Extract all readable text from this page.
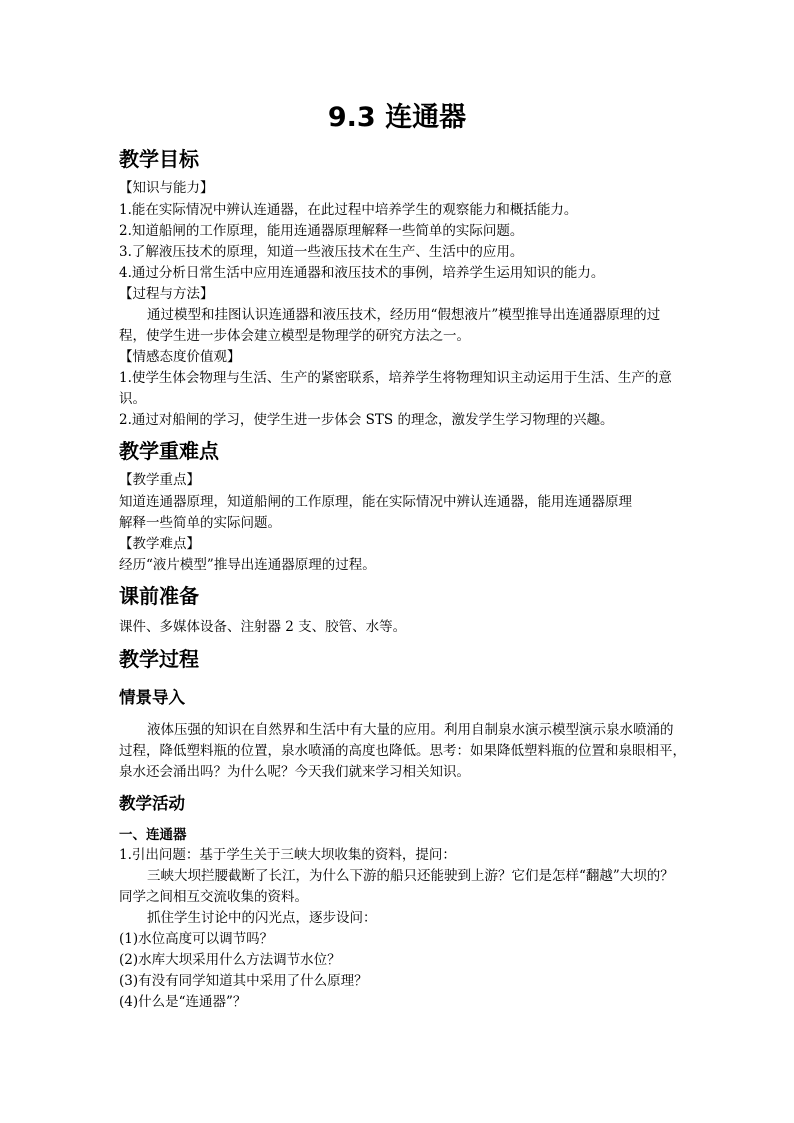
9.3 连通器
教学目标
【知识与能力】
1.能在实际情况中辨认连通器，在此过程中培养学生的观察能力和概括能力。
2.知道船闸的工作原理，能用连通器原理解释一些简单的实际问题。
3.了解液压技术的原理，知道一些液压技术在生产、生活中的应用。
4.通过分析日常生活中应用连通器和液压技术的事例，培养学生运用知识的能力。
【过程与方法】
通过模型和挂图认识连通器和液压技术，经历用“假想液片”模型推导出连通器原理的过
程，使学生进一步体会建立模型是物理学的研究方法之一。
【情感态度价值观】
1.使学生体会物理与生活、生产的紧密联系，培养学生将物理知识主动运用于生活、生产的意
识。
2.通过对船闸的学习，使学生进一步体会 STS 的理念，激发学生学习物理的兴趣。
教学重难点
【教学重点】
知道连通器原理，知道船闸的工作原理，能在实际情况中辨认连通器，能用连通器原理
解释一些简单的实际问题。
【教学难点】
经历“液片模型”推导出连通器原理的过程。
课前准备
课件、多媒体设备、注射器 2 支、胶管、水等。
教学过程
情景导入
液体压强的知识在自然界和生活中有大量的应用。利用自制泉水演示模型演示泉水喷涌的
过程，降低塑料瓶的位置，泉水喷涌的高度也降低。思考：如果降低塑料瓶的位置和泉眼相平，
泉水还会涌出吗？为什么呢？今天我们就来学习相关知识。
教学活动
一、连通器
1.引出问题：基于学生关于三峡大坝收集的资料，提问：
三峡大坝拦腰截断了长江，为什么下游的船只还能驶到上游？它们是怎样“翻越”大坝的？
同学之间相互交流收集的资料。
抓住学生讨论中的闪光点，逐步设问：
(1)水位高度可以调节吗？
(2)水库大坝采用什么方法调节水位？
(3)有没有同学知道其中采用了什么原理？
(4)什么是“连通器”？
